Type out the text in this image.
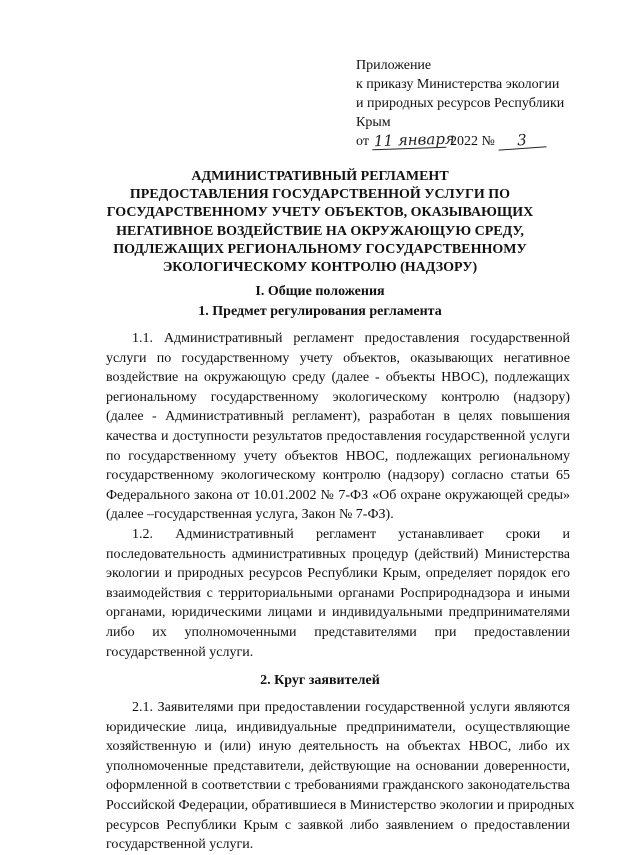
Приложение
к приказу Министерства экологии
и природных ресурсов Республики
Крым
от 11 января 2022 № 3
АДМИНИСТРАТИВНЫЙ РЕГЛАМЕНТ
ПРЕДОСТАВЛЕНИЯ ГОСУДАРСТВЕННОЙ УСЛУГИ ПО
ГОСУДАРСТВЕННОМУ УЧЕТУ ОБЪЕКТОВ, ОКАЗЫВАЮЩИХ
НЕГАТИВНОЕ ВОЗДЕЙСТВИЕ НА ОКРУЖАЮЩУЮ СРЕДУ,
ПОДЛЕЖАЩИХ РЕГИОНАЛЬНОМУ ГОСУДАРСТВЕННОМУ
ЭКОЛОГИЧЕСКОМУ КОНТРОЛЮ (НАДЗОРУ)
I. Общие положения
1. Предмет регулирования регламента
1.1. Административный регламент предоставления государственной
услуги по государственному учету объектов, оказывающих негативное
воздействие на окружающую среду (далее - объекты НВОС), подлежащих
региональному государственному экологическому контролю (надзору)
(далее - Административный регламент), разработан в целях повышения
качества и доступности результатов предоставления государственной услуги
по государственному учету объектов НВОС, подлежащих региональному
государственному экологическому контролю (надзору) согласно статьи 65
Федерального закона от 10.01.2002 № 7-ФЗ «Об охране окружающей среды»
(далее –государственная услуга, Закон № 7-ФЗ).
1.2. Административный регламент устанавливает сроки и
последовательность административных процедур (действий) Министерства
экологии и природных ресурсов Республики Крым, определяет порядок его
взаимодействия с территориальными органами Росприроднадзора и иными
органами, юридическими лицами и индивидуальными предпринимателями
либо их уполномоченными представителями при предоставлении
государственной услуги.
2. Круг заявителей
2.1. Заявителями при предоставлении государственной услуги являются
юридические лица, индивидуальные предприниматели, осуществляющие
хозяйственную и (или) иную деятельность на объектах НВОС, либо их
уполномоченные представители, действующие на основании доверенности,
оформленной в соответствии с требованиями гражданского законодательства
Российской Федерации, обратившиеся в Министерство экологии и природных
ресурсов Республики Крым с заявкой либо заявлением о предоставлении
государственной услуги.
